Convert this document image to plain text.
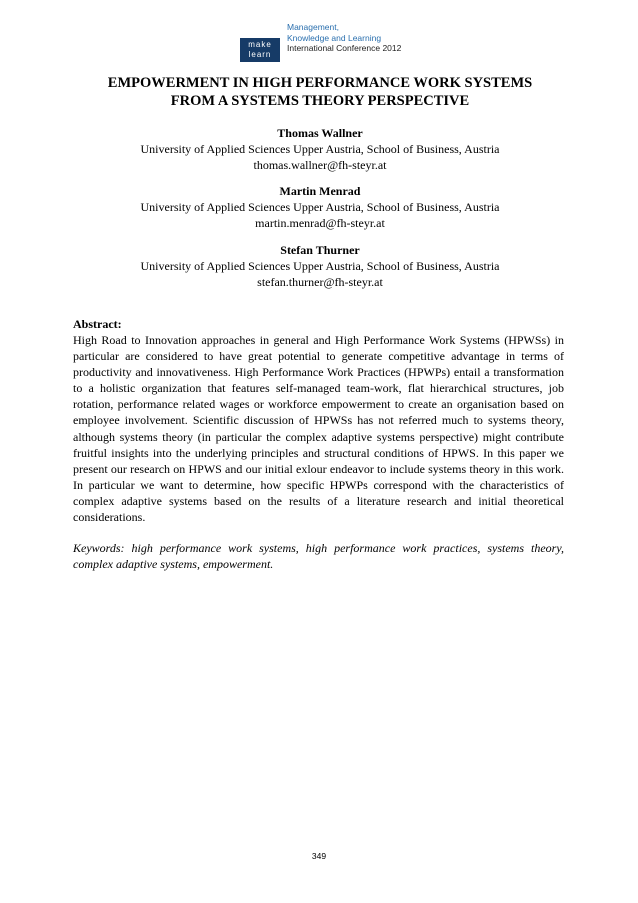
make
learn
Management,
Knowledge and Learning
International Conference 2012
EMPOWERMENT IN HIGH PERFORMANCE WORK SYSTEMS
FROM A SYSTEMS THEORY PERSPECTIVE
Thomas Wallner
University of Applied Sciences Upper Austria, School of Business, Austria
thomas.wallner@fh-steyr.at
Martin Menrad
University of Applied Sciences Upper Austria, School of Business, Austria
martin.menrad@fh-steyr.at
Stefan Thurner
University of Applied Sciences Upper Austria, School of Business, Austria
stefan.thurner@fh-steyr.at
Abstract:
High Road to Innovation approaches in general and High Performance Work Systems (HPWSs) in particular are considered to have great potential to generate competitive advantage in terms of productivity and innovativeness. High Performance Work Practices (HPWPs) entail a transformation to a holistic organization that features self-managed team-work, flat hierarchical structures, job rotation, performance related wages or workforce empowerment to create an organisation based on employee involvement. Scientific discussion of HPWSs has not referred much to systems theory, although systems theory (in particular the complex adaptive systems perspective) might contribute fruitful insights into the underlying principles and structural conditions of HPWS. In this paper we present our research on HPWS and our initial exlour endeavor to include systems theory in this work. In particular we want to determine, how specific HPWPs correspond with the characteristics of complex adaptive systems based on the results of a literature research and initial theoretical considerations.
Keywords: high performance work systems, high performance work practices, systems theory, complex adaptive systems, empowerment.
349
